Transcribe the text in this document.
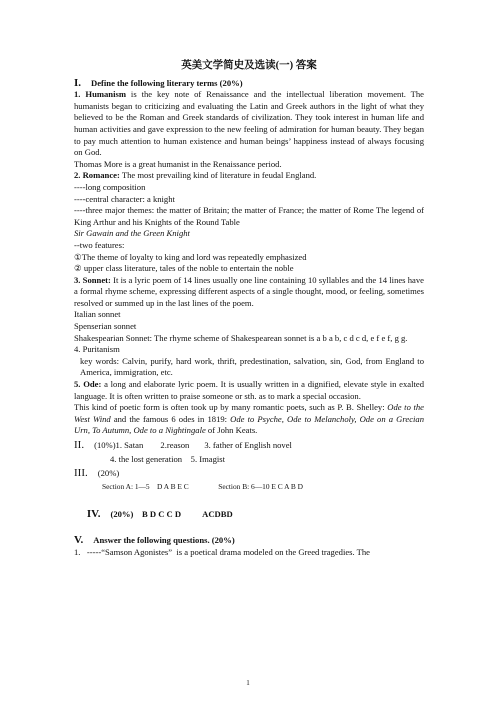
英美文学简史及选读(一) 答案
I. Define the following literary terms (20%)

1. Humanism is the key note of Renaissance and the intellectual liberation movement. The humanists began to criticizing and evaluating the Latin and Greek authors in the light of what they believed to be the Roman and Greek standards of civilization. They took interest in human life and human activities and gave expression to the new feeling of admiration for human beauty. They began to pay much attention to human existence and human beings’ happiness instead of always focusing on God.

Thomas More is a great humanist in the Renaissance period.

2. Romance: The most prevailing kind of literature in feudal England.

----long composition

----central character: a knight

----three major themes: the matter of Britain; the matter of France; the matter of Rome The legend of King Arthur and his Knights of the Round Table

Sir Gawain and the Green Knight

--two features:

①The theme of loyalty to king and lord was repeatedly emphasized

② upper class literature, tales of the noble to entertain the noble

3. Sonnet: It is a lyric poem of 14 lines usually one line containing 10 syllables and the 14 lines have a formal rhyme scheme, expressing different aspects of a single thought, mood, or feeling, sometimes resolved or summed up in the last lines of the poem.

Italian sonnet

Spenserian sonnet

Shakespearian Sonnet: The rhyme scheme of Shakespearean sonnet is a b a b, c d c d, e f e f, g g.

4. Puritanism

key words: Calvin, purify, hard work, thrift, predestination, salvation, sin, God, from England to America, immigration, etc.

5. Ode: a long and elaborate lyric poem. It is usually written in a dignified, elevate style in exalted language. It is often written to praise someone or sth. as to mark a special occasion.

This kind of poetic form is often took up by many romantic poets, such as P. B. Shelley: Ode to the West Wind and the famous 6 odes in 1819: Ode to Psyche, Ode to Melancholy, Ode on a Grecian Urn, To Autumn, Ode to a Nightingale of John Keats.

II. (10%)1. Satan        2.reason       3. father of English novel

4. the lost generation    5. Imagist

III. (20%)

Section A: 1—5    D A B E C                Section B: 6—10 E C A B D

IV. (20%)    B D C C D          ACDBD

V. Answer the following questions. (20%)

1.   -----“Samson Agonistes”  is a poetical drama modeled on the Greed tragedies. The

1
